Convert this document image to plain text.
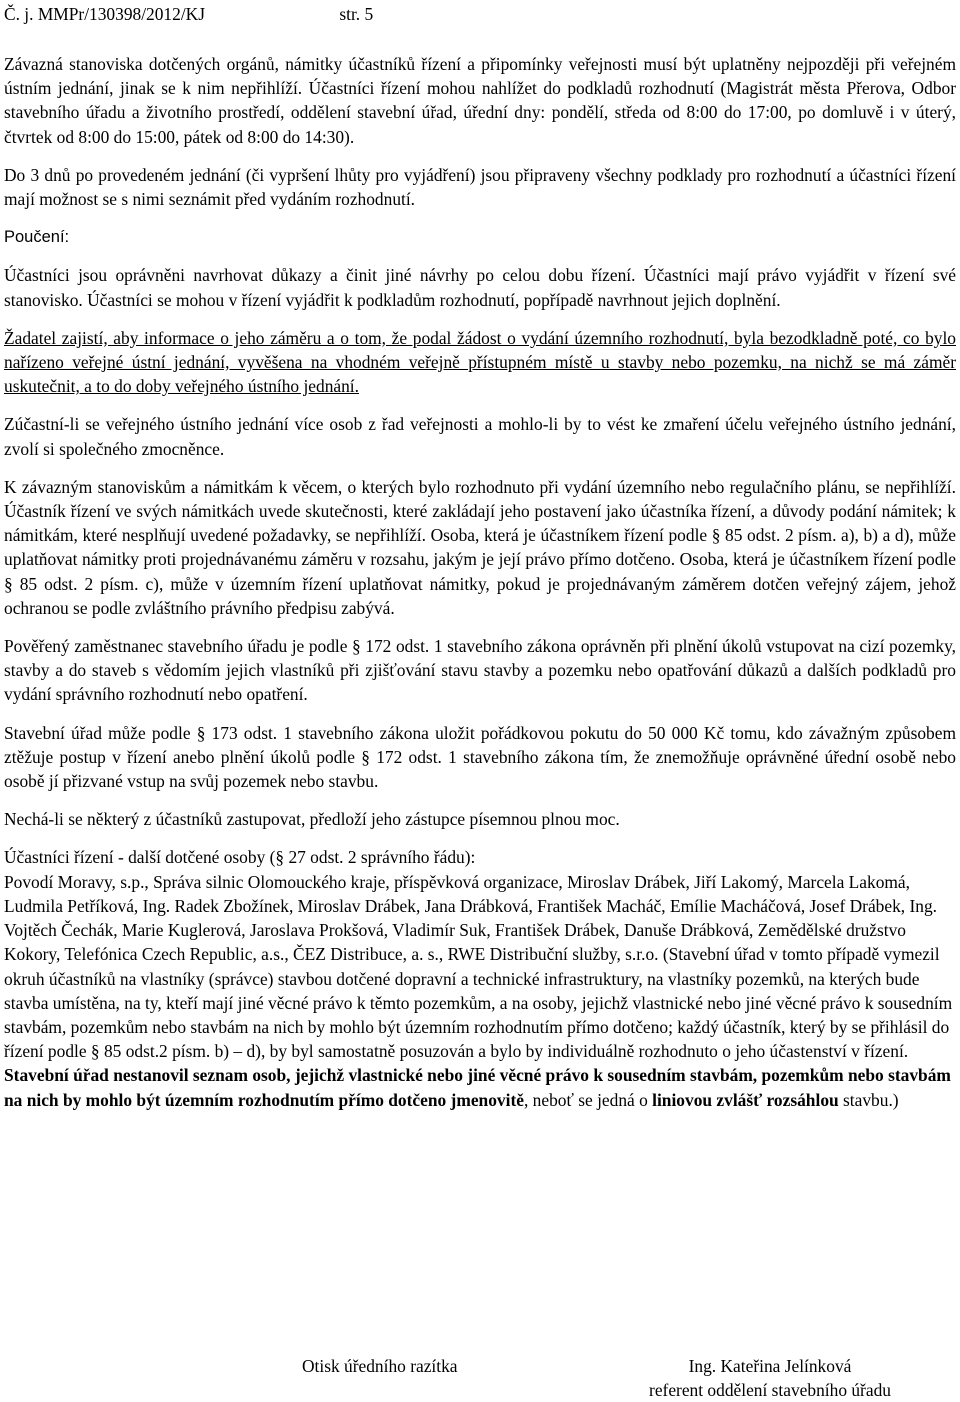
Č. j. MMPr/130398/2012/KJ	str. 5

Závazná stanoviska dotčených orgánů, námitky účastníků řízení a připomínky veřejnosti musí být uplatněny nejpozději při veřejném ústním jednání, jinak se k nim nepřihlíží. Účastníci řízení mohou nahlížet do podkladů rozhodnutí (Magistrát města Přerova, Odbor stavebního úřadu a životního prostředí, oddělení stavební úřad, úřední dny: pondělí, středa od 8:00 do 17:00, po domluvě i v úterý, čtvrtek od 8:00 do 15:00, pátek od 8:00 do 14:30).

Do 3 dnů po provedeném jednání (či vypršení lhůty pro vyjádření) jsou připraveny všechny podklady pro rozhodnutí a účastníci řízení mají možnost se s nimi seznámit před vydáním rozhodnutí.

Poučení:

Účastníci jsou oprávněni navrhovat důkazy a činit jiné návrhy po celou dobu řízení. Účastníci mají právo vyjádřit v řízení své stanovisko. Účastníci se mohou v řízení vyjádřit k podkladům rozhodnutí, popřípadě navrhnout jejich doplnění.

Žadatel zajistí, aby informace o jeho záměru a o tom, že podal žádost o vydání územního rozhodnutí, byla bezodkladně poté, co bylo nařízeno veřejné ústní jednání, vyvěšena na vhodném veřejně přístupném místě u stavby nebo pozemku, na nichž se má záměr uskutečnit, a to do doby veřejného ústního jednání.

Zúčastní-li se veřejného ústního jednání více osob z řad veřejnosti a mohlo-li by to vést ke zmaření účelu veřejného ústního jednání, zvolí si společného zmocněnce.

K závazným stanoviskům a námitkám k věcem, o kterých bylo rozhodnuto při vydání územního nebo regulačního plánu, se nepřihlíží. Účastník řízení ve svých námitkách uvede skutečnosti, které zakládají jeho postavení jako účastníka řízení, a důvody podání námitek; k námitkám, které nesplňují uvedené požadavky, se nepřihlíží. Osoba, která je účastníkem řízení podle § 85 odst. 2 písm. a), b) a d), může uplatňovat námitky proti projednávanému záměru v rozsahu, jakým je její právo přímo dotčeno. Osoba, která je účastníkem řízení podle § 85 odst. 2 písm. c), může v územním řízení uplatňovat námitky, pokud je projednávaným záměrem dotčen veřejný zájem, jehož ochranou se podle zvláštního právního předpisu zabývá.

Pověřený zaměstnanec stavebního úřadu je podle § 172 odst. 1 stavebního zákona oprávněn při plnění úkolů vstupovat na cizí pozemky, stavby a do staveb s vědomím jejich vlastníků při zjišťování stavu stavby a pozemku nebo opatřování důkazů a dalších podkladů pro vydání správního rozhodnutí nebo opatření.

Stavební úřad může podle § 173 odst. 1 stavebního zákona uložit pořádkovou pokutu do 50 000 Kč tomu, kdo závažným způsobem ztěžuje postup v řízení anebo plnění úkolů podle § 172 odst. 1 stavebního zákona tím, že znemožňuje oprávněné úřední osobě nebo osobě jí přizvané vstup na svůj pozemek nebo stavbu.

Nechá-li se některý z účastníků zastupovat, předloží jeho zástupce písemnou plnou moc.

Účastníci řízení - další dotčené osoby (§ 27 odst. 2 správního řádu):

Povodí Moravy, s.p., Správa silnic Olomouckého kraje, příspěvková organizace, Miroslav Drábek, Jiří Lakomý, Marcela Lakomá, Ludmila Petříková, Ing. Radek Zbožínek, Miroslav Drábek, Jana Drábková, František Macháč, Emílie Macháčová, Josef Drábek, Ing. Vojtěch Čechák, Marie Kuglerová, Jaroslava Prokšová, Vladimír Suk, František Drábek, Danuše Drábková, Zemědělské družstvo Kokory, Telefónica Czech Republic, a.s., ČEZ Distribuce, a. s., RWE Distribuční služby, s.r.o. (Stavební úřad v tomto případě vymezil okruh účastníků na vlastníky (správce) stavbou dotčené dopravní a technické infrastruktury, na vlastníky pozemků, na kterých bude stavba umístěna, na ty, kteří mají jiné věcné právo k těmto pozemkům, a na osoby, jejichž vlastnické nebo jiné věcné právo k sousedním stavbám, pozemkům nebo stavbám na nich by mohlo být územním rozhodnutím přímo dotčeno; každý účastník, který by se přihlásil do řízení podle § 85 odst.2 písm. b) – d), by byl samostatně posuzován a bylo by individuálně rozhodnuto o jeho účastenství v řízení. Stavební úřad nestanovil seznam osob, jejichž vlastnické nebo jiné věcné právo k sousedním stavbám, pozemkům nebo stavbám na nich by mohlo být územním rozhodnutím přímo dotčeno jmenovitě, neboť se jedná o liniovou zvlášť rozsáhlou stavbu.)

Otisk úředního razítka	Ing. Kateřina Jelínková
referent oddělení stavebního úřadu
